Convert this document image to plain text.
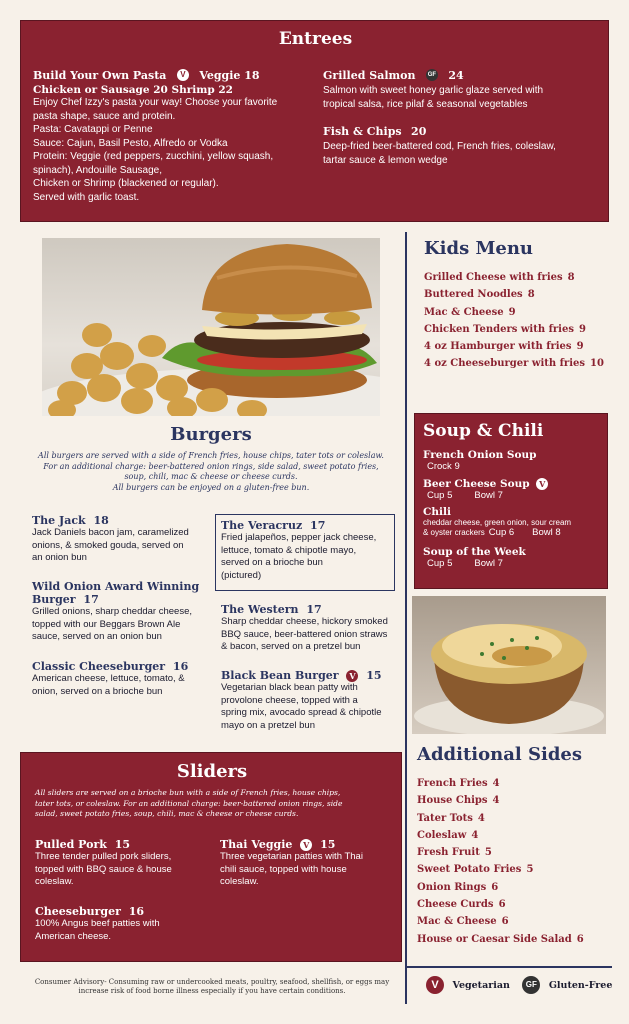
Entrees
Build Your Own Pasta V Veggie 18
Chicken or Sausage 20 Shrimp 22
Enjoy Chef Izzy's pasta your way! Choose your favorite
pasta shape, sauce and protein.
Pasta: Cavatappi or Penne
Sauce: Cajun, Basil Pesto, Alfredo or Vodka
Protein: Veggie (red peppers, zucchini, yellow squash,
spinach), Andouille Sausage,
Chicken or Shrimp (blackened or regular).
Served with garlic toast.
Grilled Salmon GF 24
Salmon with sweet honey garlic glaze served with
tropical salsa, rice pilaf & seasonal vegetables
Fish & Chips 20
Deep-fried beer-battered cod, French fries, coleslaw,
tartar sauce & lemon wedge
Burgers
All burgers are served with a side of French fries, house chips, tater tots or coleslaw.
For an additional charge: beer-battered onion rings, side salad, sweet potato fries,
soup, chili, mac & cheese or cheese curds.
All burgers can be enjoyed on a gluten-free bun.
The Jack 18
Jack Daniels bacon jam, caramelized
onions, & smoked gouda, served on
an onion bun
Wild Onion Award Winning
Burger 17
Grilled onions, sharp cheddar cheese,
topped with our Beggars Brown Ale
sauce, served on an onion bun
Classic Cheeseburger 16
American cheese, lettuce, tomato, &
onion, served on a brioche bun
The Veracruz 17
Fried jalapeños, pepper jack cheese,
lettuce, tomato & chipotle mayo,
served on a brioche bun
(pictured)
The Western 17
Sharp cheddar cheese, hickory smoked
BBQ sauce, beer-battered onion straws
& bacon, served on a pretzel bun
Black Bean Burger V 15
Vegetarian black bean patty with
provolone cheese, topped with a
spring mix, avocado spread & chipotle
mayo on a pretzel bun
Sliders
All sliders are served on a brioche bun with a side of French fries, house chips,
tater tots, or coleslaw. For an additional charge: beer-battered onion rings, side
salad, sweet potato fries, soup, chili, mac & cheese or cheese curds.
Pulled Pork 15
Three tender pulled pork sliders,
topped with BBQ sauce & house
coleslaw.
Thai Veggie V 15
Three vegetarian patties with Thai
chili sauce, topped with house
coleslaw.
Cheeseburger 16
100% Angus beef patties with
American cheese.
Consumer Advisory- Consuming raw or undercooked meats, poultry, seafood, shellfish, or eggs may
increase risk of food borne illness especially if you have certain conditions.
Kids Menu
Grilled Cheese with fries 8
Buttered Noodles 8
Mac & Cheese 9
Chicken Tenders with fries 9
4 oz Hamburger with fries 9
4 oz Cheeseburger with fries 10
Soup & Chili
French Onion Soup
Crock 9
Beer Cheese Soup V
Cup 5 Bowl 7
Chili
cheddar cheese, green onion, sour cream
& oyster crackers Cup 6 Bowl 8
Soup of the Week
Cup 5 Bowl 7
Additional Sides
French Fries 4
House Chips 4
Tater Tots 4
Coleslaw 4
Fresh Fruit 5
Sweet Potato Fries 5
Onion Rings 6
Cheese Curds 6
Mac & Cheese 6
House or Caesar Side Salad 6
V Vegetarian GF Gluten-Free
